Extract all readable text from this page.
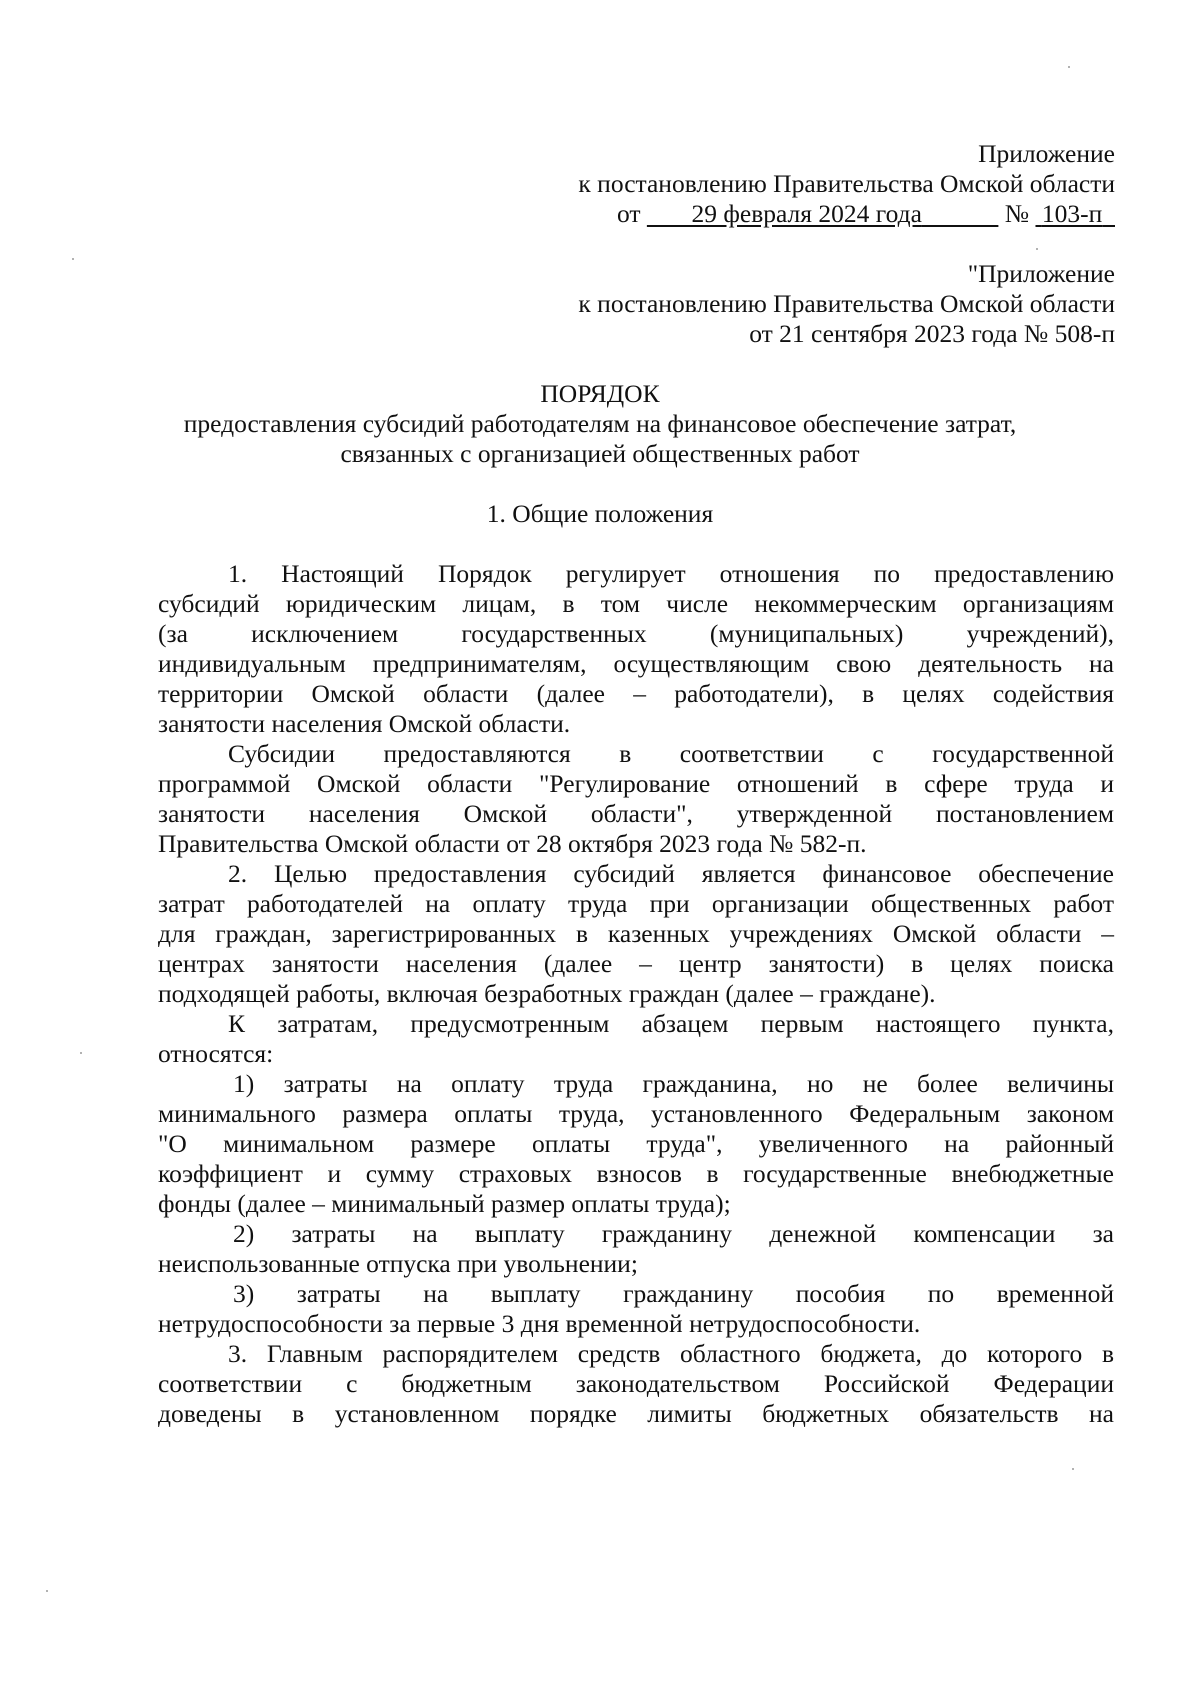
Приложение
к постановлению Правительства Омской области
от 29 февраля 2024 года	№ 103-п
"Приложение
к постановлению Правительства Омской области
от 21 сентября 2023 года № 508-п
ПОРЯДОК
предоставления субсидий работодателям на финансовое обеспечение затрат,
связанных с организацией общественных работ
1. Общие положения
1. Настоящий Порядок регулирует отношения по предоставлению
субсидий юридическим лицам, в том числе некоммерческим организациям
(за исключением государственных (муниципальных) учреждений),
индивидуальным предпринимателям, осуществляющим свою деятельность на
территории Омской области (далее – работодатели), в целях содействия
занятости населения Омской области.
Субсидии предоставляются в соответствии с государственной
программой Омской области "Регулирование отношений в сфере труда и
занятости населения Омской области", утвержденной постановлением
Правительства Омской области от 28 октября 2023 года № 582-п.
2. Целью предоставления субсидий является финансовое обеспечение
затрат работодателей на оплату труда при организации общественных работ
для граждан, зарегистрированных в казенных учреждениях Омской области –
центрах занятости населения (далее – центр занятости) в целях поиска
подходящей работы, включая безработных граждан (далее – граждане).
К затратам, предусмотренным абзацем первым настоящего пункта,
относятся:
1) затраты на оплату труда гражданина, но не более величины
минимального размера оплаты труда, установленного Федеральным законом
"О минимальном размере оплаты труда", увеличенного на районный
коэффициент и сумму страховых взносов в государственные внебюджетные
фонды (далее – минимальный размер оплаты труда);
2) затраты на выплату гражданину денежной компенсации за
неиспользованные отпуска при увольнении;
3) затраты на выплату гражданину пособия по временной
нетрудоспособности за первые 3 дня временной нетрудоспособности.
3. Главным распорядителем средств областного бюджета, до которого в
соответствии с бюджетным законодательством Российской Федерации
доведены в установленном порядке лимиты бюджетных обязательств на
